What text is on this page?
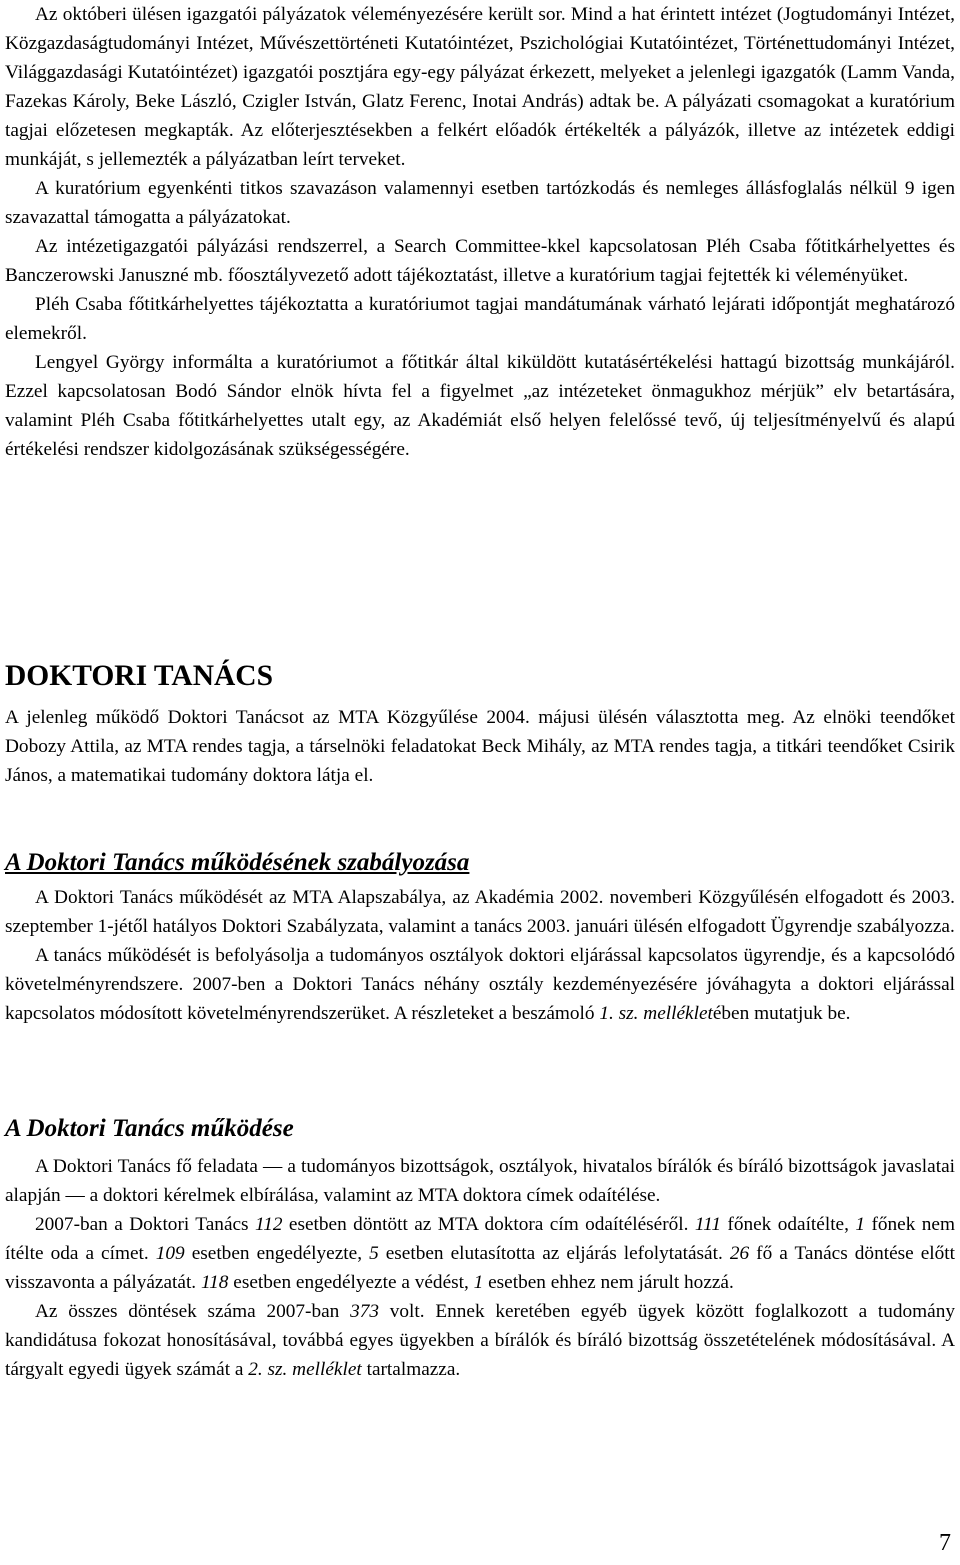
Az októberi ülésen igazgatói pályázatok véleményezésére került sor. Mind a hat érintett intézet (Jogtudományi Intézet, Közgazdaságtudományi Intézet, Művészettörténeti Kutatóintézet, Pszichológiai Kutatóintézet, Történettudományi Intézet, Világgazdasági Kutatóintézet) igazgatói posztjára egy-egy pályázat érkezett, melyeket a jelenlegi igazgatók (Lamm Vanda, Fazekas Károly, Beke László, Czigler István, Glatz Ferenc, Inotai András) adtak be. A pályázati csomagokat a kuratórium tagjai előzetesen megkapták. Az előterjesztésekben a felkért előadók értékelték a pályázók, illetve az intézetek eddigi munkáját, s jellemezték a pályázatban leírt terveket.

A kuratórium egyenkénti titkos szavazáson valamennyi esetben tartózkodás és nemleges állásfoglalás nélkül 9 igen szavazattal támogatta a pályázatokat.

Az intézetigazgatói pályázási rendszerrel, a Search Committee-kkel kapcsolatosan Pléh Csaba főtitkárhelyettes és Banczerowski Januszné mb. főosztályvezető adott tájékoztatást, illetve a kuratórium tagjai fejtették ki véleményüket.

Pléh Csaba főtitkárhelyettes tájékoztatta a kuratóriumot tagjai mandátumának várható lejárati időpontját meghatározó elemekről.

Lengyel György informálta a kuratóriumot a főtitkár által kiküldött kutatásértékelési hattagú bizottság munkájáról. Ezzel kapcsolatosan Bodó Sándor elnök hívta fel a figyelmet „az intézeteket önmagukhoz mérjük” elv betartására, valamint Pléh Csaba főtitkárhelyettes utalt egy, az Akadémiát első helyen felelőssé tevő, új teljesítményelvű és alapú értékelési rendszer kidolgozásának szükségességére.

DOKTORI TANÁCS

A jelenleg működő Doktori Tanácsot az MTA Közgyűlése 2004. májusi ülésén választotta meg. Az elnöki teendőket Dobozy Attila, az MTA rendes tagja, a társelnöki feladatokat Beck Mihály, az MTA rendes tagja, a titkári teendőket Csirik János, a matematikai tudomány doktora látja el.

A Doktori Tanács működésének szabályozása

A Doktori Tanács működését az MTA Alapszabálya, az Akadémia 2002. novemberi Közgyűlésén elfogadott és 2003. szeptember 1-jétől hatályos Doktori Szabályzata, valamint a tanács 2003. januári ülésén elfogadott Ügyrendje szabályozza.

A tanács működését is befolyásolja a tudományos osztályok doktori eljárással kapcsolatos ügyrendje, és a kapcsolódó követelményrendszere. 2007-ben a Doktori Tanács néhány osztály kezdeményezésére jóváhagyta a doktori eljárással kapcsolatos módosított követelményrendszerüket. A részleteket a beszámoló 1. sz. mellékletében mutatjuk be.

A Doktori Tanács működése

A Doktori Tanács fő feladata — a tudományos bizottságok, osztályok, hivatalos bírálók és bíráló bizottságok javaslatai alapján — a doktori kérelmek elbírálása, valamint az MTA doktora címek odaítélése.

2007-ban a Doktori Tanács 112 esetben döntött az MTA doktora cím odaítéléséről. 111 főnek odaítélte, 1 főnek nem ítélte oda a címet. 109 esetben engedélyezte, 5 esetben elutasította az eljárás lefolytatását. 26 fő a Tanács döntése előtt visszavonta a pályázatát. 118 esetben engedélyezte a védést, 1 esetben ehhez nem járult hozzá.

Az összes döntések száma 2007-ban 373 volt. Ennek keretében egyéb ügyek között foglalkozott a tudomány kandidátusa fokozat honosításával, továbbá egyes ügyekben a bírálók és bíráló bizottság összetételének módosításával. A tárgyalt egyedi ügyek számát a 2. sz. melléklet tartalmazza.

7
